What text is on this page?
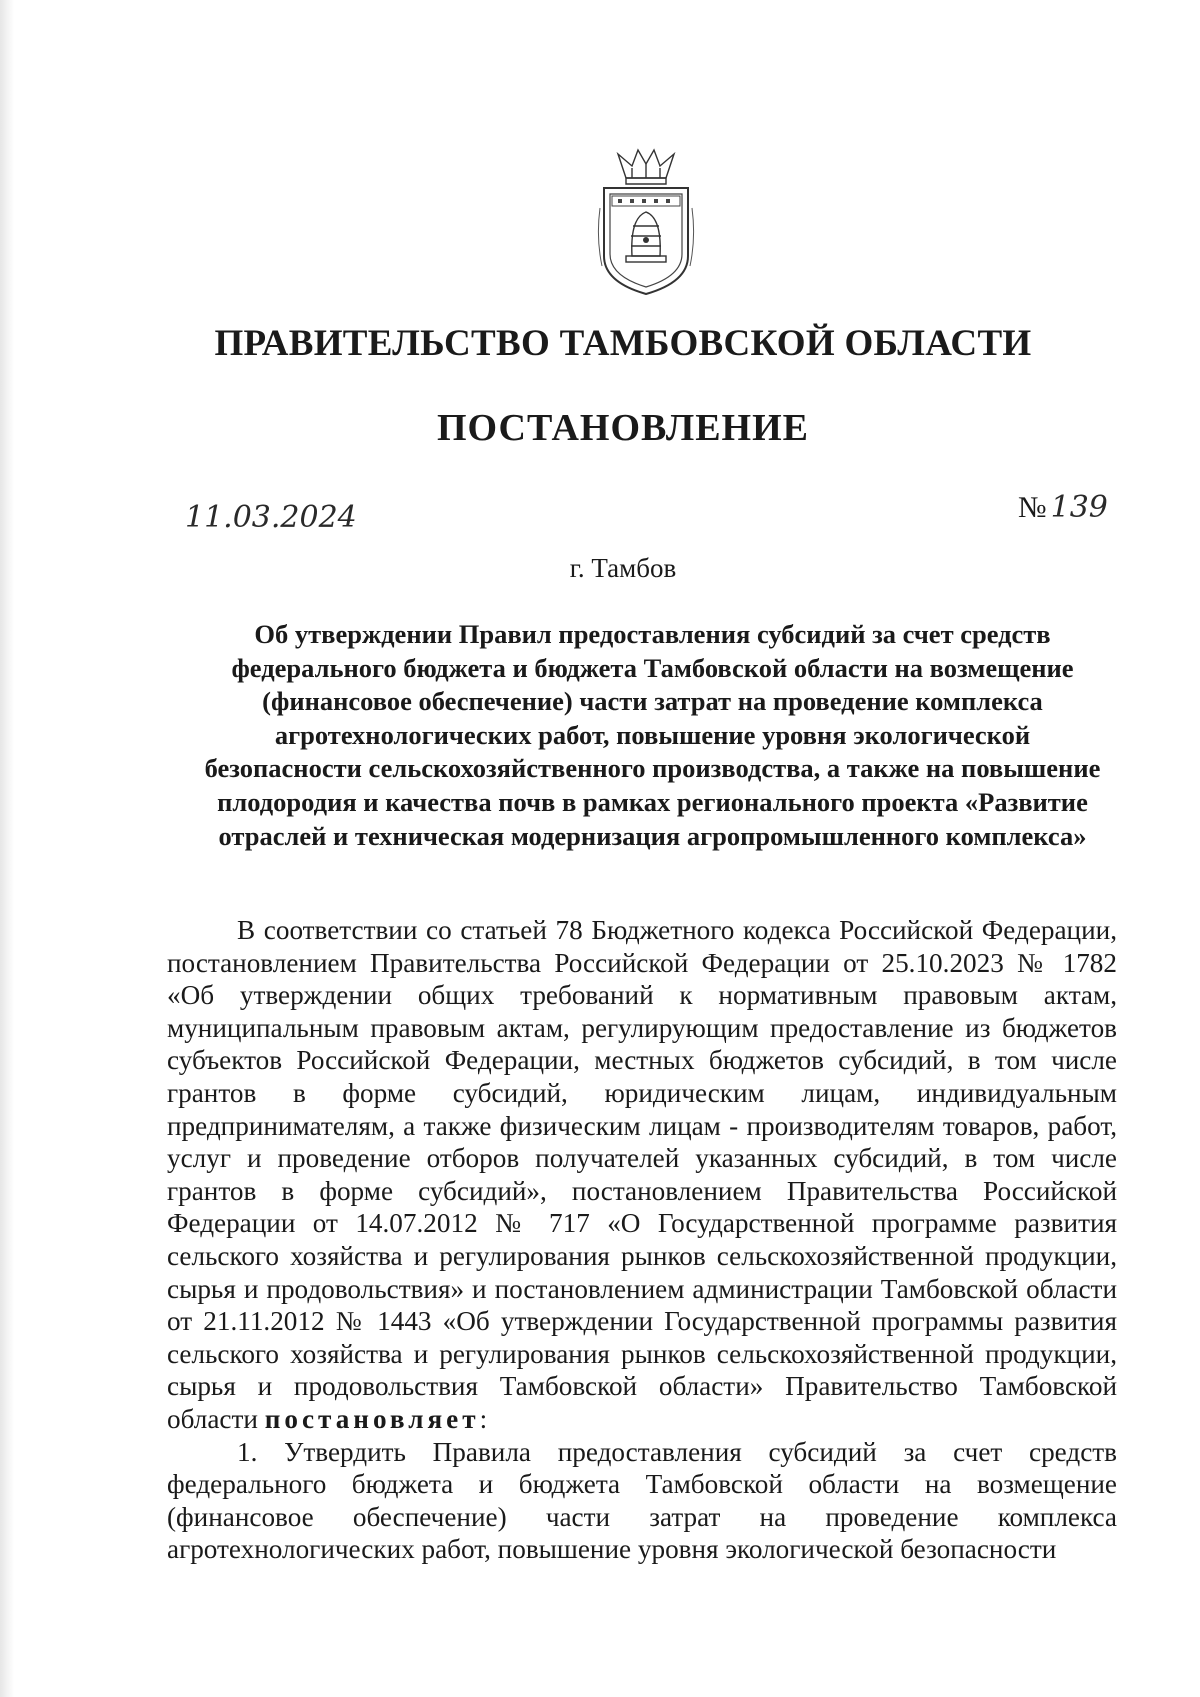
ПРАВИТЕЛЬСТВО ТАМБОВСКОЙ ОБЛАСТИ
ПОСТАНОВЛЕНИЕ
11.03.2024	№ 139
г. Тамбов
Об утверждении Правил предоставления субсидий за счет средств федерального бюджета и бюджета Тамбовской области на возмещение (финансовое обеспечение) части затрат на проведение комплекса агротехнологических работ, повышение уровня экологической безопасности сельскохозяйственного производства, а также на повышение плодородия и качества почв в рамках регионального проекта «Развитие отраслей и техническая модернизация агропромышленного комплекса»

В соответствии со статьей 78 Бюджетного кодекса Российской Федерации, постановлением Правительства Российской Федерации от 25.10.2023 № 1782 «Об утверждении общих требований к нормативным правовым актам, муниципальным правовым актам, регулирующим предоставление из бюджетов субъектов Российской Федерации, местных бюджетов субсидий, в том числе грантов в форме субсидий, юридическим лицам, индивидуальным предпринимателям, а также физическим лицам - производителям товаров, работ, услуг и проведение отборов получателей указанных субсидий, в том числе грантов в форме субсидий», постановлением Правительства Российской Федерации от 14.07.2012 № 717 «О Государственной программе развития сельского хозяйства и регулирования рынков сельскохозяйственной продукции, сырья и продовольствия» и постановлением администрации Тамбовской области от 21.11.2012 № 1443 «Об утверждении Государственной программы развития сельского хозяйства и регулирования рынков сельскохозяйственной продукции, сырья и продовольствия Тамбовской области» Правительство Тамбовской области постановляет:

1. Утвердить Правила предоставления субсидий за счет средств федерального бюджета и бюджета Тамбовской области на возмещение (финансовое обеспечение) части затрат на проведение комплекса агротехнологических работ, повышение уровня экологической безопасности
